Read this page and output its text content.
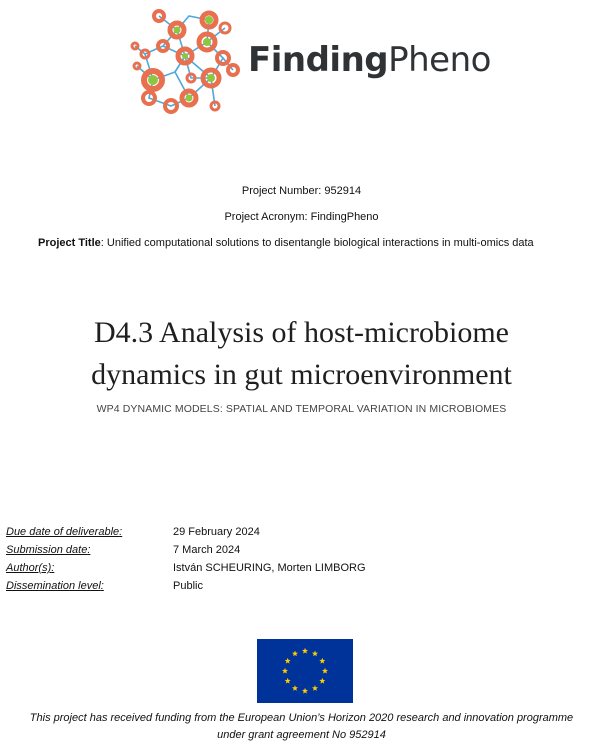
FindingPheno
Project Number: 952914
Project Acronym: FindingPheno
Project Title: Unified computational solutions to disentangle biological interactions in multi-omics data
D4.3 Analysis of host-microbiome
dynamics in gut microenvironment
WP4 DYNAMIC MODELS: SPATIAL AND TEMPORAL VARIATION IN MICROBIOMES
Due date of deliverable:	29 February 2024
Submission date:	7 March 2024
Author(s):	István SCHEURING, Morten LIMBORG
Dissemination level:	Public
This project has received funding from the European Union’s Horizon 2020 research and innovation programme
under grant agreement No 952914
